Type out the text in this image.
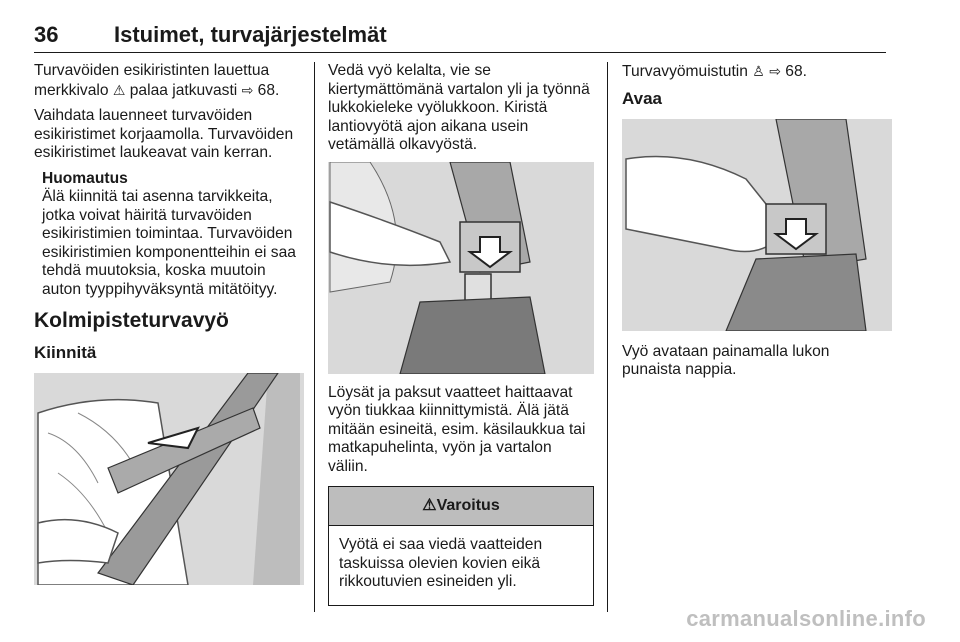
36	Istuimet, turvajärjestelmät

Turvavöiden esikiristinten lauettua merkkivalo ⚠ palaa jatkuvasti ⇨ 68.

Vaihdata lauenneet turvavöiden esikiristimet korjaamolla. Turvavöiden esikiristimet laukeavat vain kerran.

Huomautus
Älä kiinnitä tai asenna tarvikkeita, jotka voivat häiritä turvavöiden esikiristimien toimintaa. Turvavöiden esikiristimien komponentteihin ei saa tehdä muutoksia, koska muutoin auton tyyppihyväksyntä mitätöityy.
Kolmipisteturvavyö
Kiinnitä

Vedä vyö kelalta, vie se kiertymättömänä vartalon yli ja työnnä lukkokieleke vyölukkoon. Kiristä lantiovyötä ajon aikana usein vetämällä olkavyöstä.

Löysät ja paksut vaatteet haittaavat vyön tiukkaa kiinnittymistä. Älä jätä mitään esineitä, esim. käsilaukkua tai matkapuhelinta, vyön ja vartalon väliin.

⚠Varoitus

Vyötä ei saa viedä vaatteiden taskuissa olevien kovien eikä rikkoutuvien esineiden yli.

Turvavyömuistutin ♙ ⇨ 68.

Avaa

Vyö avataan painamalla lukon punaista nappia.

carmanualsonline.info
